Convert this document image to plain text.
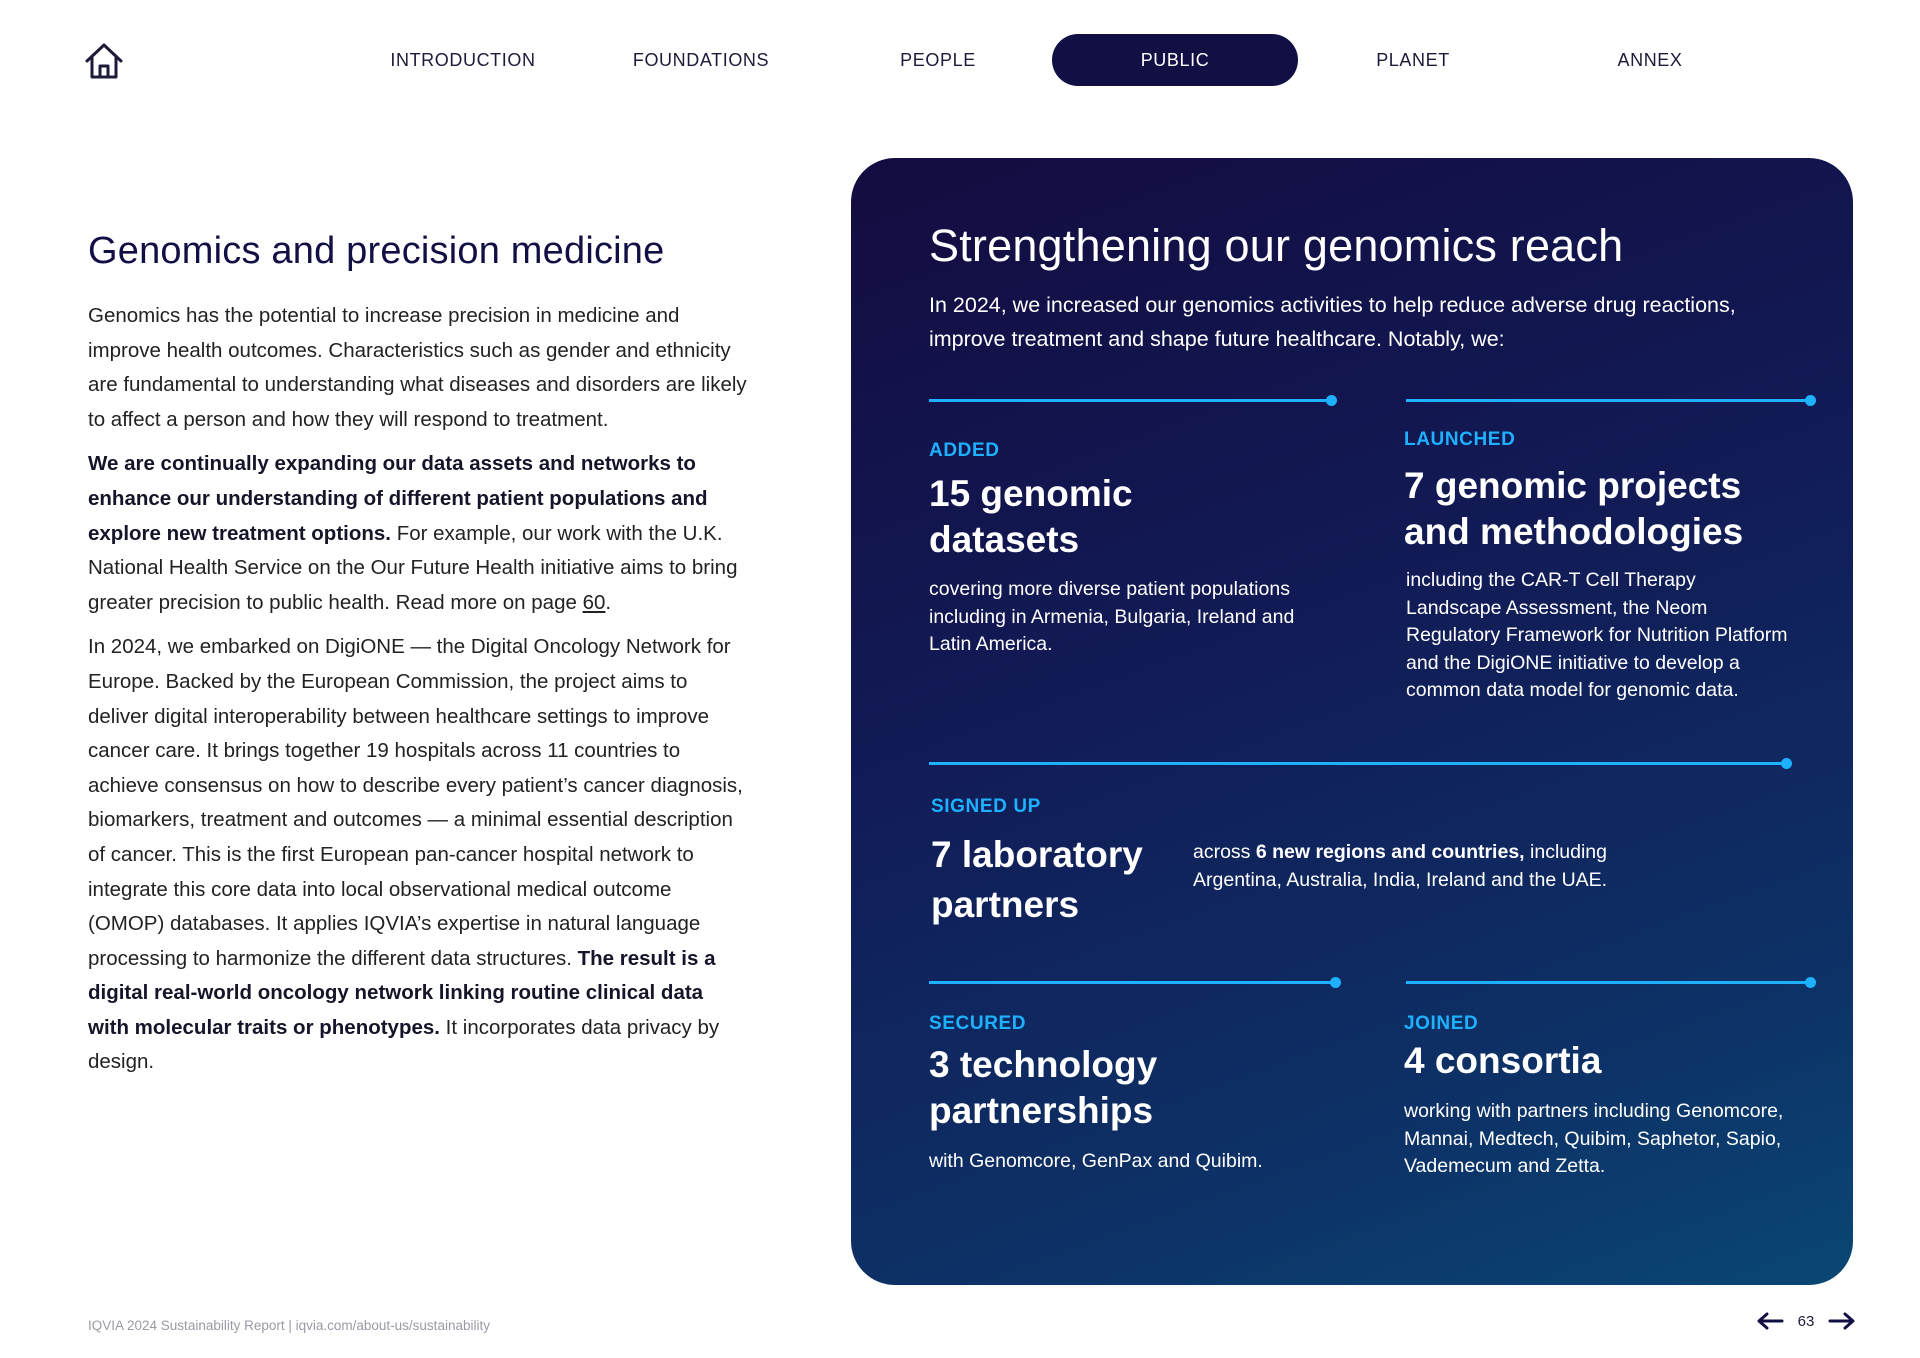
INTRODUCTION	FOUNDATIONS	PEOPLE	PUBLIC	PLANET	ANNEX
Genomics and precision medicine

Genomics has the potential to increase precision in medicine and improve health outcomes. Characteristics such as gender and ethnicity are fundamental to understanding what diseases and disorders are likely to affect a person and how they will respond to treatment.

We are continually expanding our data assets and networks to enhance our understanding of different patient populations and explore new treatment options. For example, our work with the U.K. National Health Service on the Our Future Health initiative aims to bring greater precision to public health. Read more on page 60.

In 2024, we embarked on DigiONE — the Digital Oncology Network for Europe. Backed by the European Commission, the project aims to deliver digital interoperability between healthcare settings to improve cancer care. It brings together 19 hospitals across 11 countries to achieve consensus on how to describe every patient’s cancer diagnosis, biomarkers, treatment and outcomes — a minimal essential description of cancer. This is the first European pan-cancer hospital network to integrate this core data into local observational medical outcome (OMOP) databases. It applies IQVIA’s expertise in natural language processing to harmonize the different data structures. The result is a digital real-world oncology network linking routine clinical data with molecular traits or phenotypes. It incorporates data privacy by design.

Strengthening our genomics reach

In 2024, we increased our genomics activities to help reduce adverse drug reactions, improve treatment and shape future healthcare. Notably, we:

ADDED
15 genomic
datasets
covering more diverse patient populations including in Armenia, Bulgaria, Ireland and Latin America.
LAUNCHED
7 genomic projects
and methodologies
including the CAR-T Cell Therapy Landscape Assessment, the Neom Regulatory Framework for Nutrition Platform and the DigiONE initiative to develop a common data model for genomic data.
SIGNED UP
7 laboratory
partners
across 6 new regions and countries, including Argentina, Australia, India, Ireland and the UAE.
SECURED
3 technology
partnerships
with Genomcore, GenPax and Quibim.
JOINED
4 consortia
working with partners including Genomcore, Mannai, Medtech, Quibim, Saphetor, Sapio, Vademecum and Zetta.
IQVIA 2024 Sustainability Report | iqvia.com/about-us/sustainability	63
